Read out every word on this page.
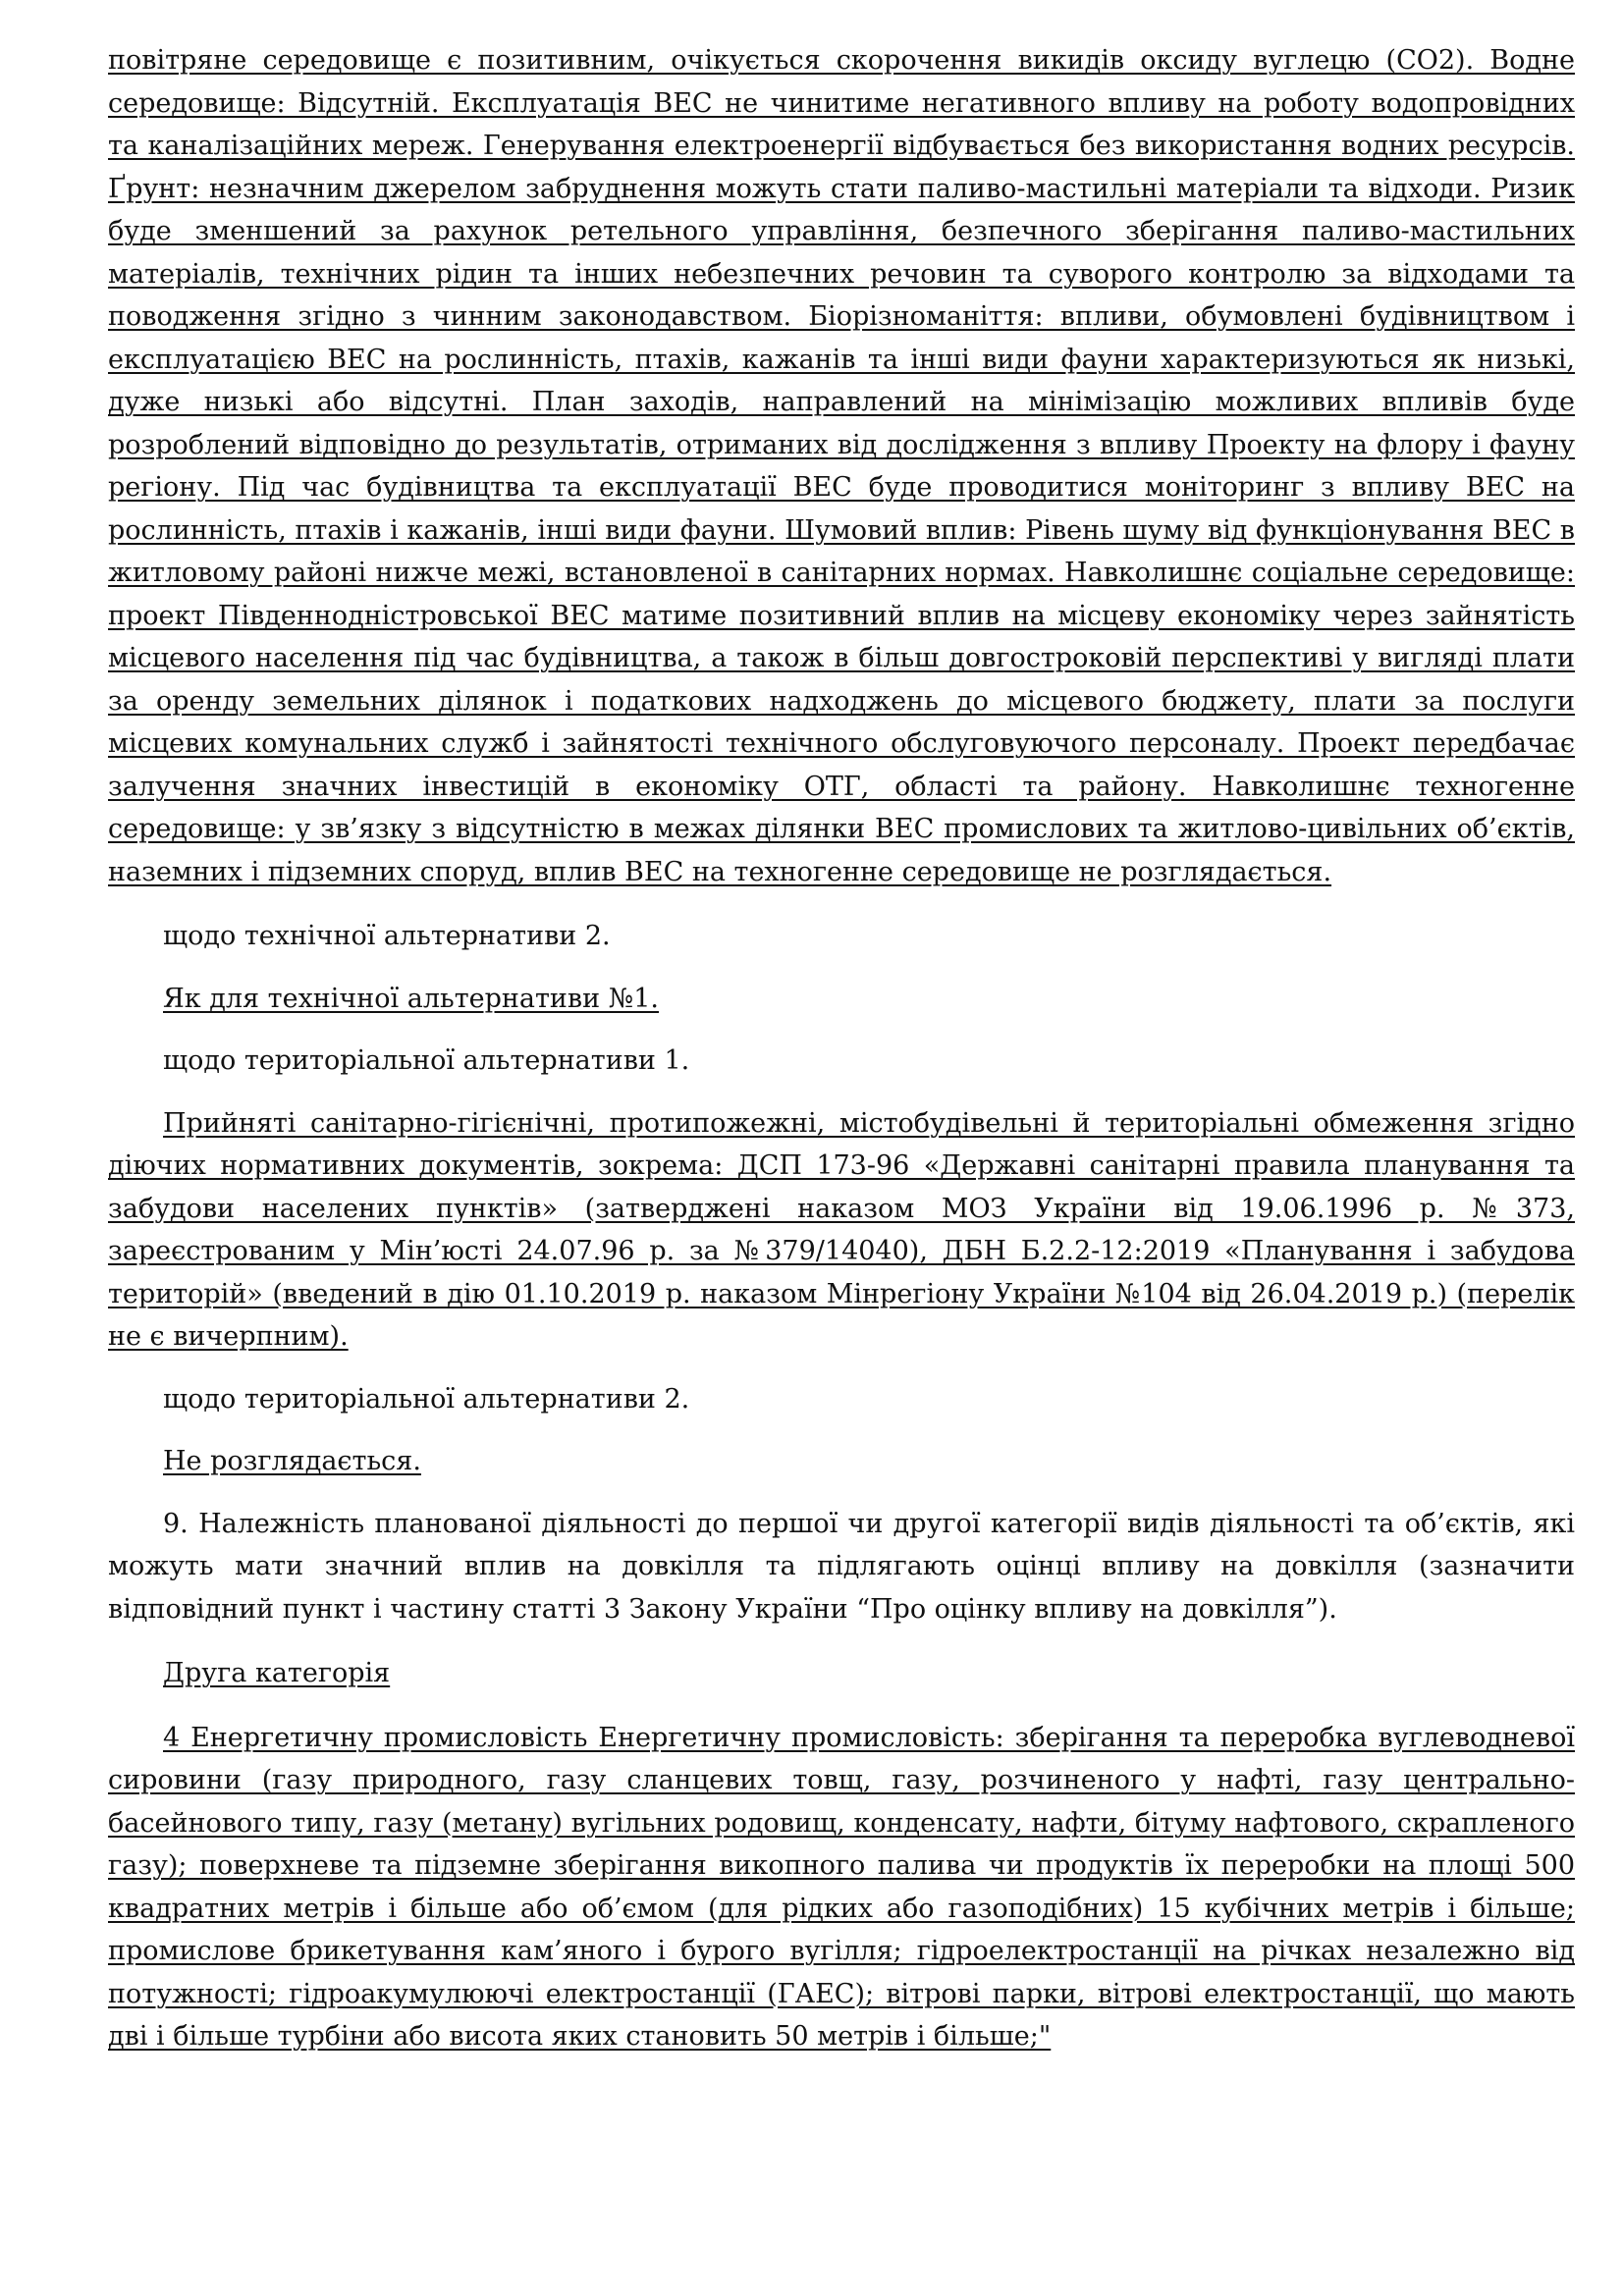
повітряне середовище є позитивним, очікується скорочення викидів оксиду вуглецю (СО2). Водне середовище: Відсутній. Експлуатація ВЕС не чинитиме негативного впливу на роботу водопровідних та каналізаційних мереж. Генерування електроенергії відбувається без використання водних ресурсів. Ґрунт: незначним джерелом забруднення можуть стати паливо-мастильні матеріали та відходи. Ризик буде зменшений за рахунок ретельного управління, безпечного зберігання паливо-мастильних матеріалів, технічних рідин та інших небезпечних речовин та суворого контролю за відходами та поводження згідно з чинним законодавством. Біорізноманіття: впливи, обумовлені будівництвом і експлуатацією ВЕС на рослинність, птахів, кажанів та інші види фауни характеризуються як низькі, дуже низькі або відсутні. План заходів, направлений на мінімізацію можливих впливів буде розроблений відповідно до результатів, отриманих від дослідження з впливу Проекту на флору і фауну регіону. Під час будівництва та експлуатації ВЕС буде проводитися моніторинг з впливу ВЕС на рослинність, птахів і кажанів, інші види фауни. Шумовий вплив: Рівень шуму від функціонування ВЕС в житловому районі нижче межі, встановленої в санітарних нормах. Навколишнє соціальне середовище: проект Південнодністровської ВЕС матиме позитивний вплив на місцеву економіку через зайнятість місцевого населення під час будівництва, а також в більш довгостроковій перспективі у вигляді плати за оренду земельних ділянок і податкових надходжень до місцевого бюджету, плати за послуги місцевих комунальних служб і зайнятості технічного обслуговуючого персоналу. Проект передбачає залучення значних інвестицій в економіку ОТГ, області та району. Навколишнє техногенне середовище: у зв’язку з відсутністю в межах ділянки ВЕС промислових та житлово-цивільних об’єктів, наземних і підземних споруд, вплив ВЕС на техногенне середовище не розглядається.

щодо технічної альтернативи 2.

Як для технічної альтернативи №1.

щодо територіальної альтернативи 1.

Прийняті санітарно-гігієнічні, протипожежні, містобудівельні й територіальні обмеження згідно діючих нормативних документів, зокрема: ДСП 173-96 «Державні санітарні правила планування та забудови населених пунктів» (затверджені наказом МОЗ України від 19.06.1996 р. №373, зареєстрованим у Мін’юсті 24.07.96 р. за №379/14040), ДБН Б.2.2-12:2019 «Планування і забудова територій» (введений в дію 01.10.2019 р. наказом Мінрегіону України №104 від 26.04.2019 р.) (перелік не є вичерпним).

щодо територіальної альтернативи 2.

Не розглядається.

9. Належність планованої діяльності до першої чи другої категорії видів діяльності та об’єктів, які можуть мати значний вплив на довкілля та підлягають оцінці впливу на довкілля (зазначити відповідний пункт і частину статті 3 Закону України “Про оцінку впливу на довкілля”).

Друга категорія

4 Енергетичну промисловість Енергетичну промисловість: зберігання та переробка вуглеводневої сировини (газу природного, газу сланцевих товщ, газу, розчиненого у нафті, газу центрально-басейнового типу, газу (метану) вугільних родовищ, конденсату, нафти, бітуму нафтового, скрапленого газу); поверхневе та підземне зберігання викопного палива чи продуктів їх переробки на площі 500 квадратних метрів і більше або об’ємом (для рідких або газоподібних) 15 кубічних метрів і більше; промислове брикетування кам’яного і бурого вугілля; гідроелектростанції на річках незалежно від потужності; гідроакумулюючі електростанції (ГАЕС); вітрові парки, вітрові електростанції, що мають дві і більше турбіни або висота яких становить 50 метрів і більше;"
